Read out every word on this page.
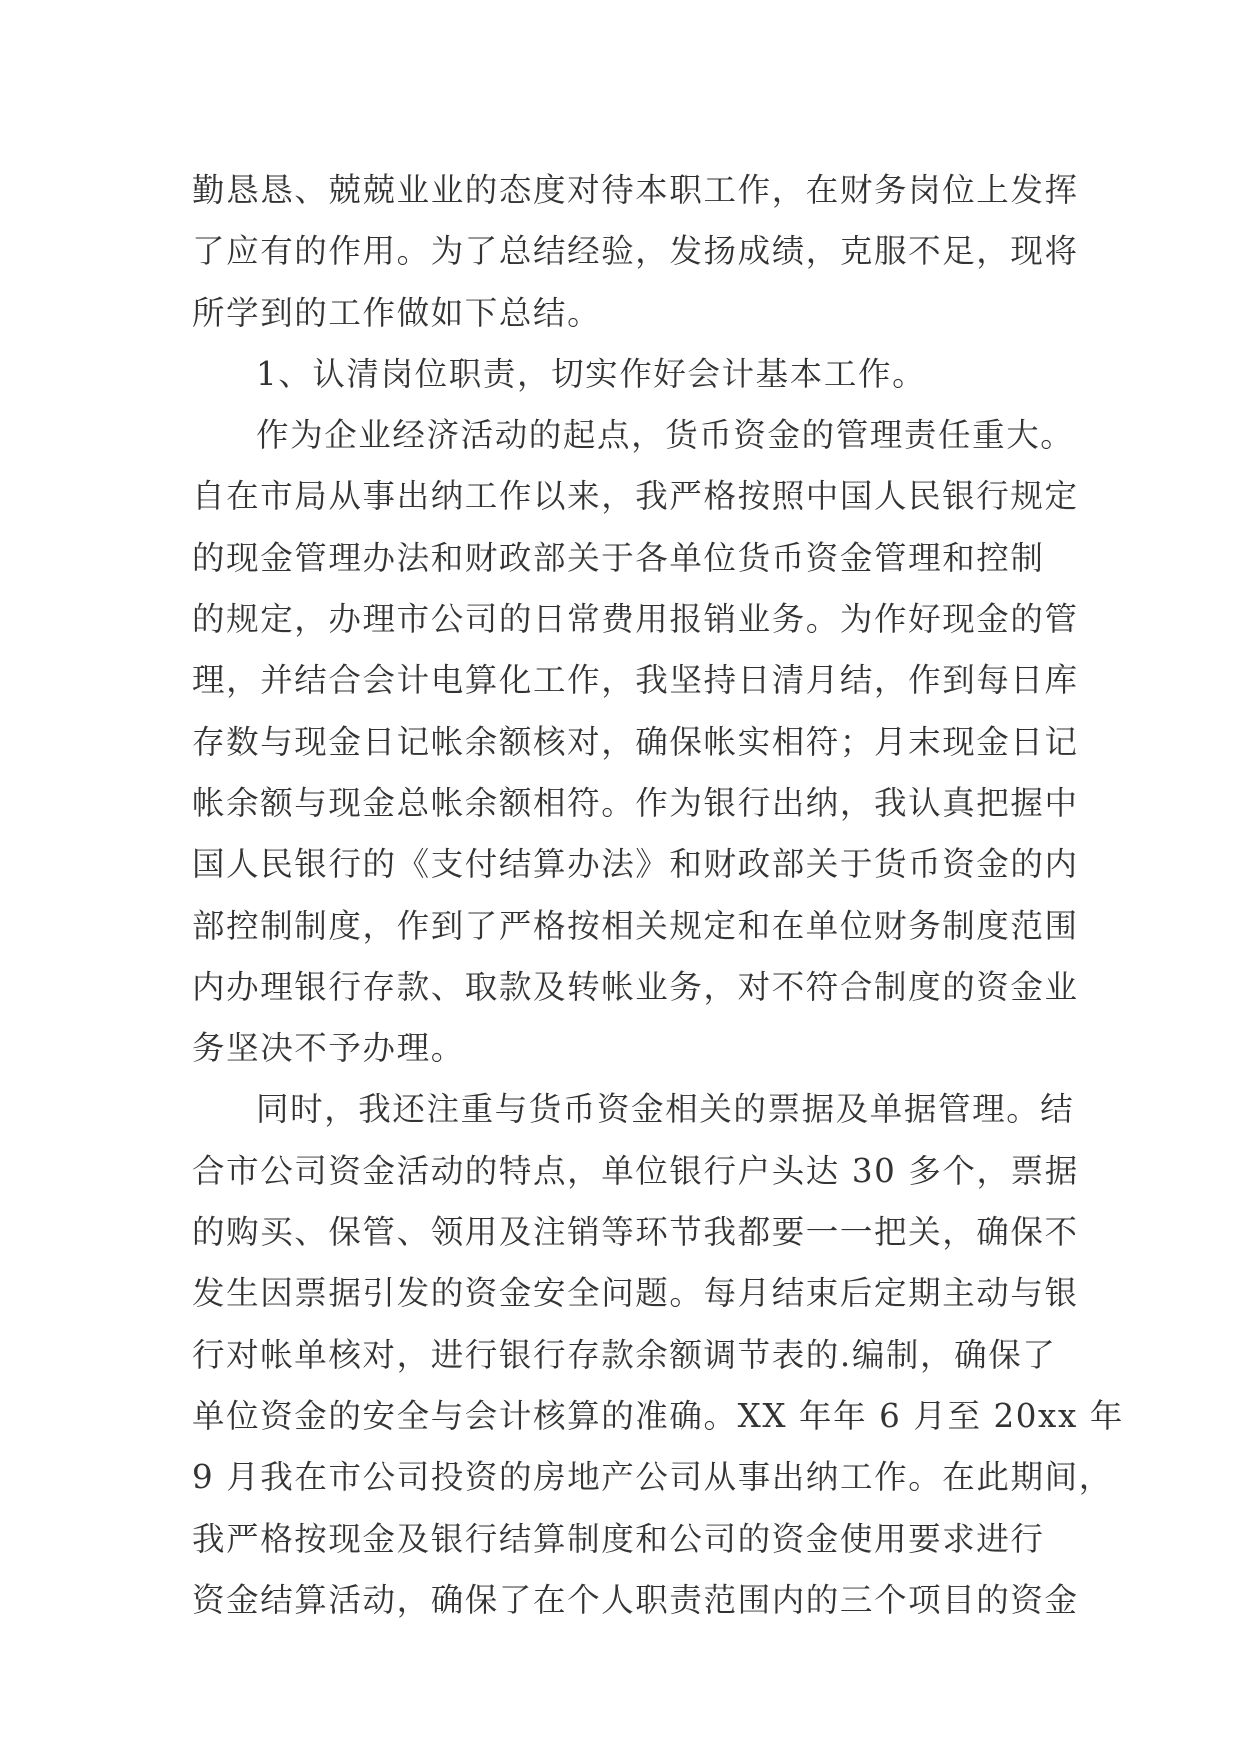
勤恳恳、兢兢业业的态度对待本职工作，在财务岗位上发挥
了应有的作用。为了总结经验，发扬成绩，克服不足，现将
所学到的工作做如下总结。
1、认清岗位职责，切实作好会计基本工作。
作为企业经济活动的起点，货币资金的管理责任重大。
自在市局从事出纳工作以来，我严格按照中国人民银行规定
的现金管理办法和财政部关于各单位货币资金管理和控制
的规定，办理市公司的日常费用报销业务。为作好现金的管
理，并结合会计电算化工作，我坚持日清月结，作到每日库
存数与现金日记帐余额核对，确保帐实相符；月末现金日记
帐余额与现金总帐余额相符。作为银行出纳，我认真把握中
国人民银行的《支付结算办法》和财政部关于货币资金的内
部控制制度，作到了严格按相关规定和在单位财务制度范围
内办理银行存款、取款及转帐业务，对不符合制度的资金业
务坚决不予办理。
同时，我还注重与货币资金相关的票据及单据管理。结
合市公司资金活动的特点，单位银行户头达 30 多个，票据
的购买、保管、领用及注销等环节我都要一一把关，确保不
发生因票据引发的资金安全问题。每月结束后定期主动与银
行对帐单核对，进行银行存款余额调节表的.编制，确保了
单位资金的安全与会计核算的准确。XX 年年 6 月至 20xx 年
9 月我在市公司投资的房地产公司从事出纳工作。在此期间，
我严格按现金及银行结算制度和公司的资金使用要求进行
资金结算活动，确保了在个人职责范围内的三个项目的资金
